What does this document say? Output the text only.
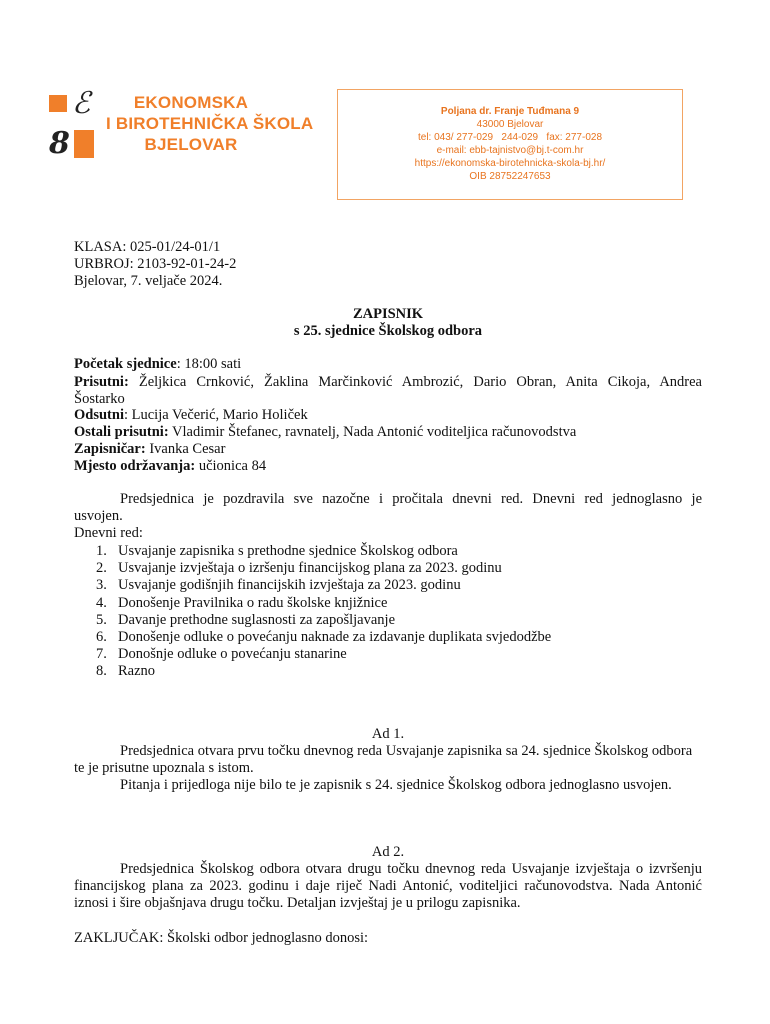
ℰ
8
EKONOMSKA
I BIROTEHNIČKA ŠKOLA
BJELOVAR
Poljana dr. Franje Tuđmana 9
43000 Bjelovar
tel: 043/ 277-029   244-029   fax: 277-028
e-mail: ebb-tajnistvo@bj.t-com.hr
https://ekonomska-birotehnicka-skola-bj.hr/
OIB 28752247653
KLASA: 025-01/24-01/1
URBROJ: 2103-92-01-24-2
Bjelovar, 7. veljače 2024.
ZAPISNIK
s 25. sjednice Školskog odbora
Početak sjednice: 18:00 sati
Prisutni: Željkica Crnković, Žaklina Marčinković Ambrozić, Dario Obran, Anita Cikoja, Andrea Šostarko
Odsutni: Lucija Večerić, Mario Holiček
Ostali prisutni: Vladimir Štefanec, ravnatelj, Nada Antonić voditeljica računovodstva
Zapisničar: Ivanka Cesar
Mjesto održavanja: učionica 84
Predsjednica je pozdravila sve nazočne i pročitala dnevni red. Dnevni red jednoglasno je usvojen.
Dnevni red:
1. Usvajanje zapisnika s prethodne sjednice Školskog odbora
2. Usvajanje izvještaja o izršenju financijskog plana za 2023. godinu
3. Usvajanje godišnjih financijskih izvještaja za 2023. godinu
4. Donošenje Pravilnika o radu školske knjižnice
5. Davanje prethodne suglasnosti za zapošljavanje
6. Donošenje odluke o povećanju naknade za izdavanje duplikata svjedodžbe
7. Donošnje odluke o povećanju stanarine
8. Razno
Ad 1.
Predsjednica otvara prvu točku dnevnog reda Usvajanje zapisnika sa 24. sjednice Školskog odbora te je prisutne upoznala s istom.
Pitanja i prijedloga nije bilo te je zapisnik s 24. sjednice Školskog odbora jednoglasno usvojen.
Ad 2.
Predsjednica Školskog odbora otvara drugu točku dnevnog reda Usvajanje izvještaja o izvršenju financijskog plana za 2023. godinu i daje riječ Nadi Antonić, voditeljici računovodstva. Nada Antonić iznosi i šire objašnjava drugu točku. Detaljan izvještaj je u prilogu zapisnika.
ZAKLJUČAK: Školski odbor jednoglasno donosi:
